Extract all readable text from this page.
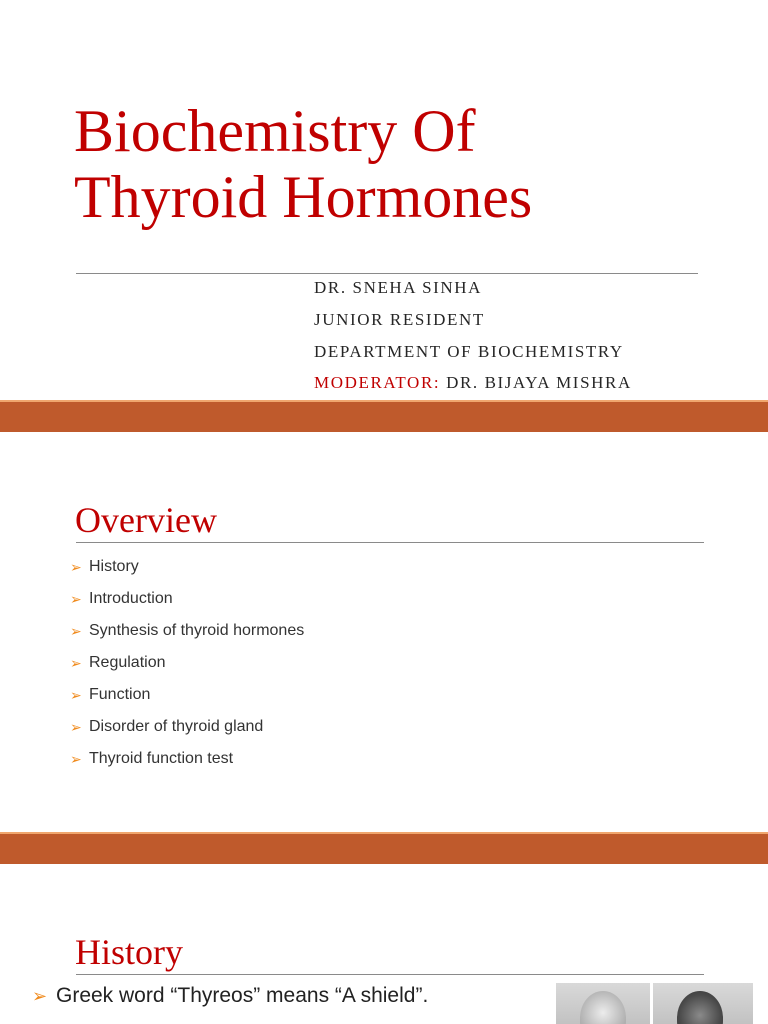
Biochemistry Of
Thyroid Hormones

DR. SNEHA SINHA

JUNIOR RESIDENT

DEPARTMENT OF BIOCHEMISTRY

MODERATOR: DR. BIJAYA MISHRA

Overview
➢ History
➢ Introduction
➢ Synthesis of thyroid hormones
➢ Regulation
➢ Function
➢ Disorder of thyroid gland
➢ Thyroid function test
History

➢ Greek word “Thyreos” means “A shield”.
